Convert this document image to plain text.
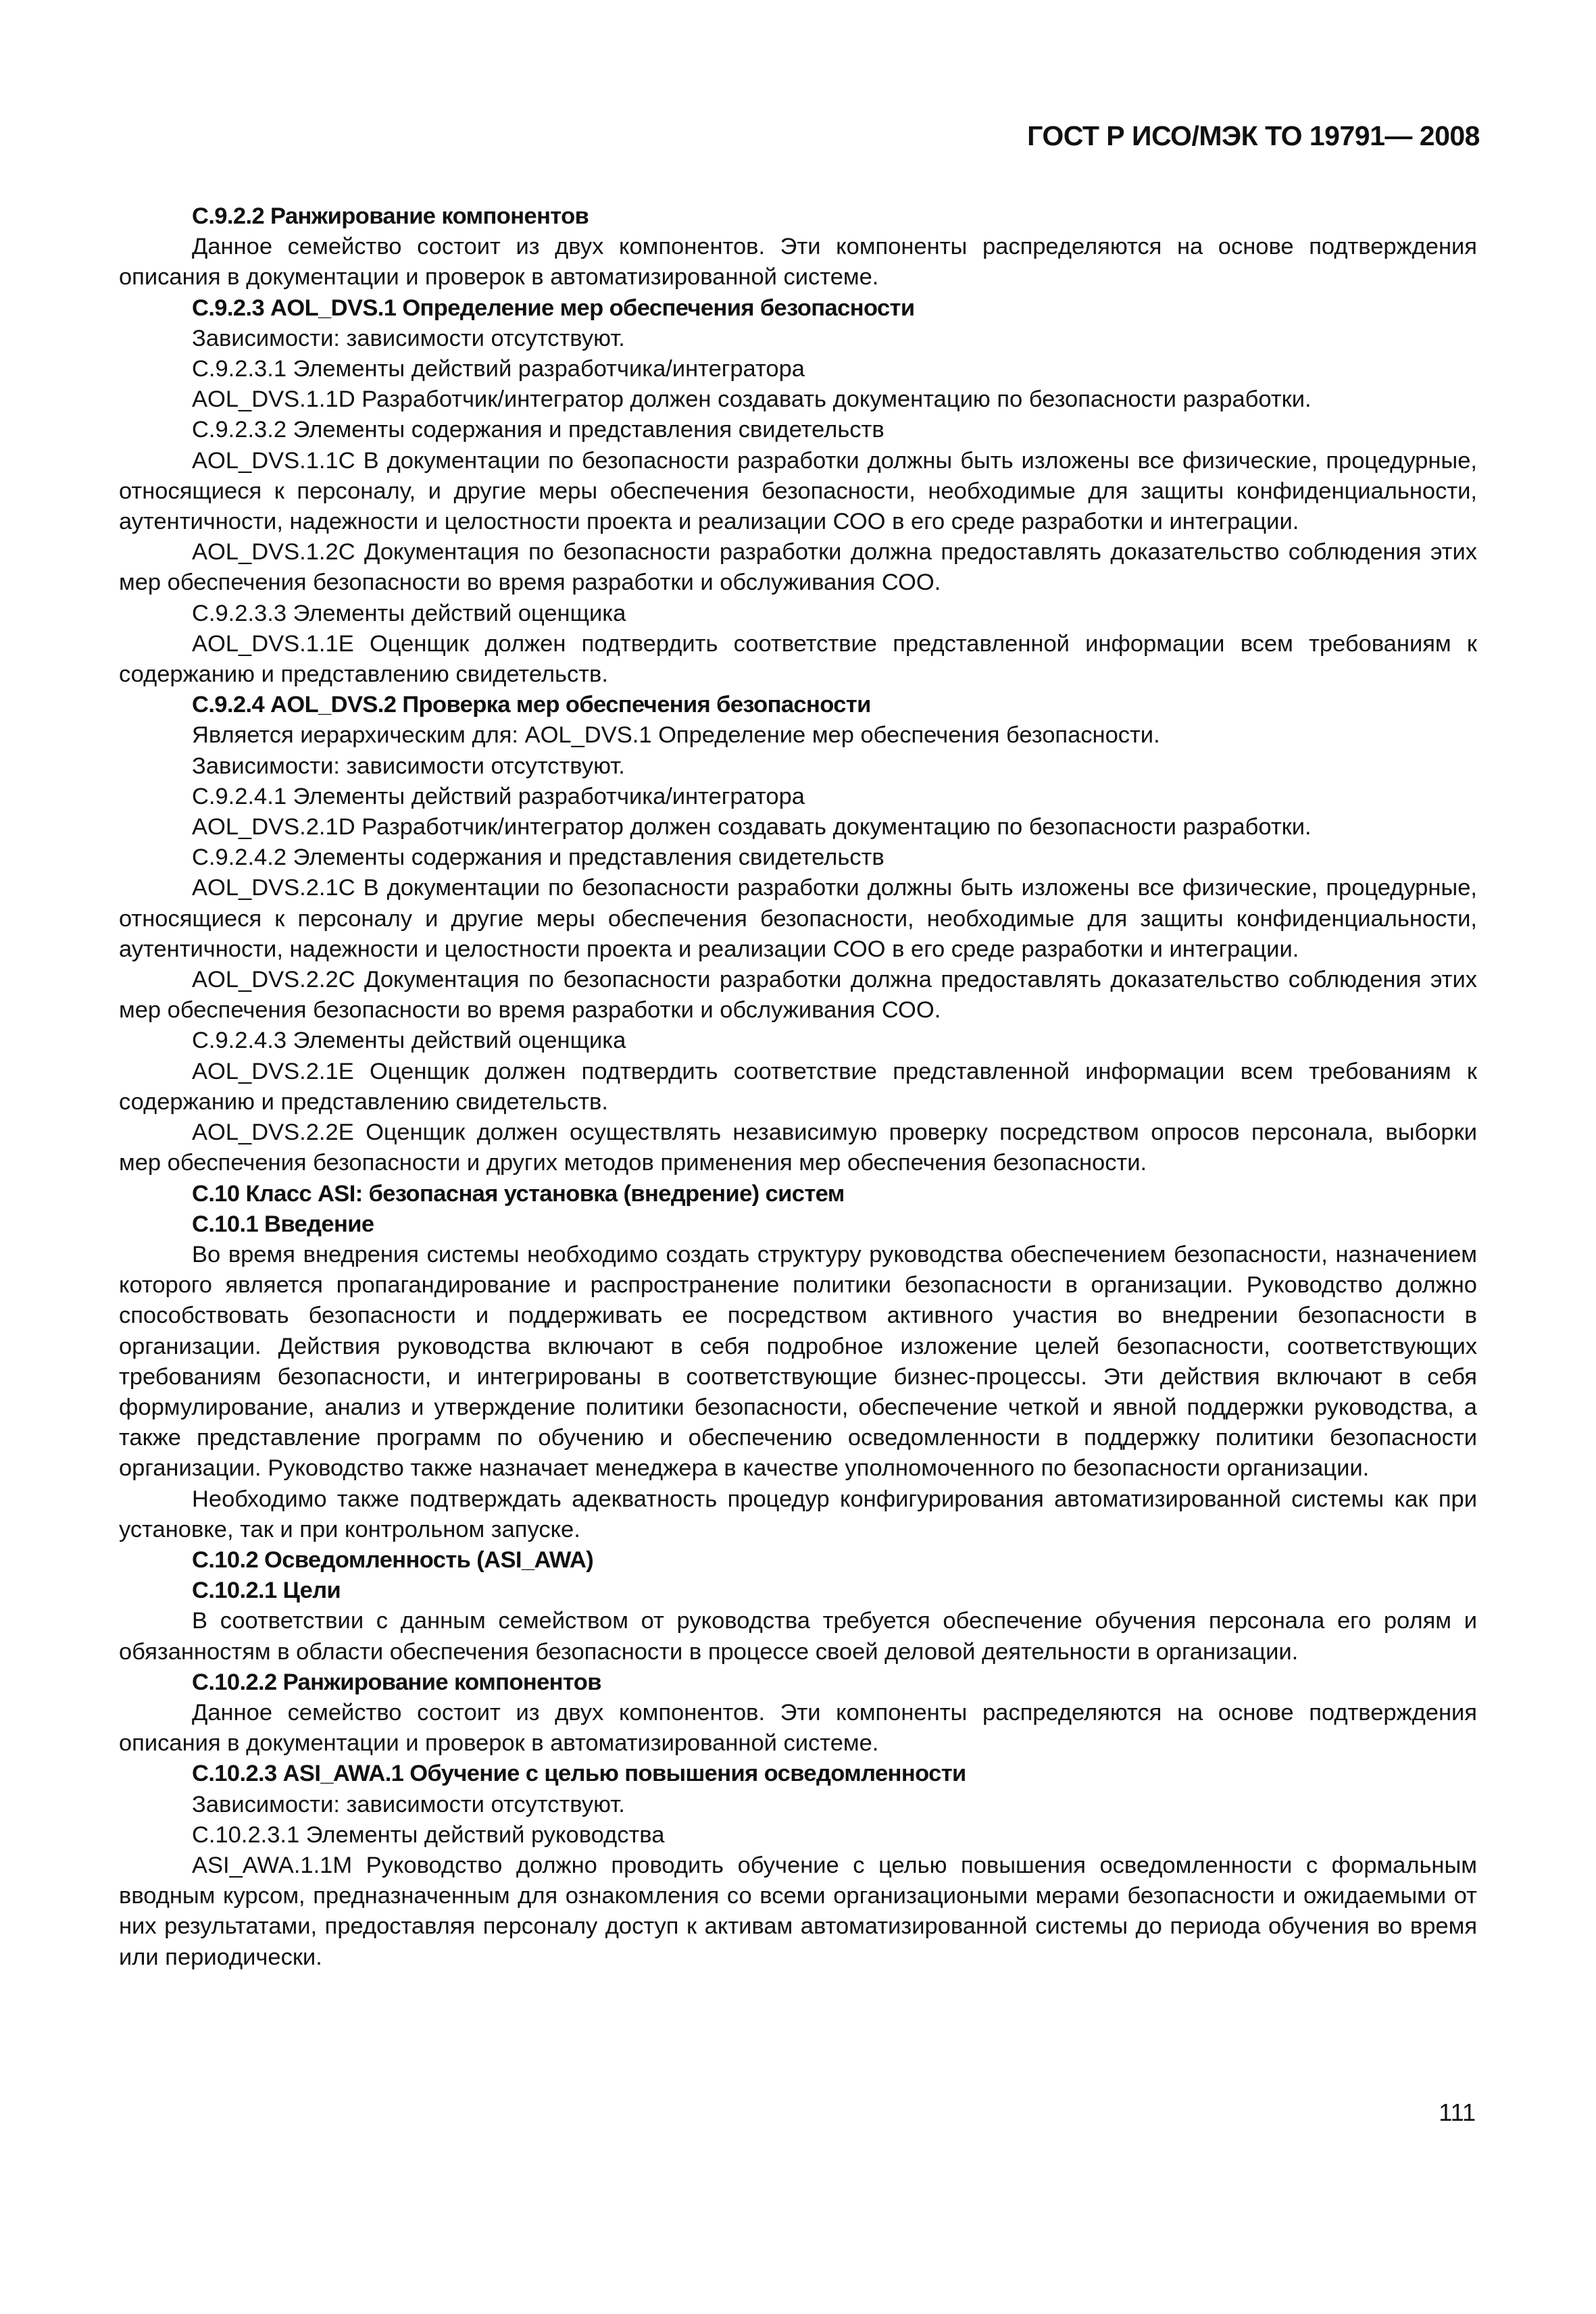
ГОСТ Р ИСО/МЭК ТО 19791— 2008

С.9.2.2 Ранжирование компонентов

Данное семейство состоит из двух компонентов. Эти компоненты распределяются на основе подтверждения описания в документации и проверок в автоматизированной системе.

С.9.2.3 AOL_DVS.1 Определение мер обеспечения безопасности

Зависимости: зависимости отсутствуют.

С.9.2.3.1 Элементы действий разработчика/интегратора

AOL_DVS.1.1D Разработчик/интегратор должен создавать документацию по безопасности разработки.

С.9.2.3.2 Элементы содержания и представления свидетельств

AOL_DVS.1.1C В документации по безопасности разработки должны быть изложены все физические, процедурные, относящиеся к персоналу, и другие меры обеспечения безопасности, необходимые для защиты конфиденциальности, аутентичности, надежности и целостности проекта и реализации СОО в его среде разработки и интеграции.

AOL_DVS.1.2C Документация по безопасности разработки должна предоставлять доказательство соблюдения этих мер обеспечения безопасности во время разработки и обслуживания СОО.

С.9.2.3.3 Элементы действий оценщика

AOL_DVS.1.1E Оценщик должен подтвердить соответствие представленной информации всем требованиям к содержанию и представлению свидетельств.

С.9.2.4 AOL_DVS.2 Проверка мер обеспечения безопасности

Является иерархическим для: AOL_DVS.1 Определение мер обеспечения безопасности.

Зависимости: зависимости отсутствуют.

С.9.2.4.1 Элементы действий разработчика/интегратора

AOL_DVS.2.1D Разработчик/интегратор должен создавать документацию по безопасности разработки.

С.9.2.4.2 Элементы содержания и представления свидетельств

AOL_DVS.2.1C В документации по безопасности разработки должны быть изложены все физические, процедурные, относящиеся к персоналу и другие меры обеспечения безопасности, необходимые для защиты конфиденциальности, аутентичности, надежности и целостности проекта и реализации СОО в его среде разработки и интеграции.

AOL_DVS.2.2C Документация по безопасности разработки должна предоставлять доказательство соблюдения этих мер обеспечения безопасности во время разработки и обслуживания СОО.

С.9.2.4.3 Элементы действий оценщика

AOL_DVS.2.1E Оценщик должен подтвердить соответствие представленной информации всем требованиям к содержанию и представлению свидетельств.

AOL_DVS.2.2E Оценщик должен осуществлять независимую проверку посредством опросов персонала, выборки мер обеспечения безопасности и других методов применения мер обеспечения безопасности.

С.10 Класс ASI: безопасная установка (внедрение) систем

С.10.1 Введение

Во время внедрения системы необходимо создать структуру руководства обеспечением безопасности, назначением которого является пропагандирование и распространение политики безопасности в организации. Руководство должно способствовать безопасности и поддерживать ее посредством активного участия во внедрении безопасности в организации. Действия руководства включают в себя подробное изложение целей безопасности, соответствующих требованиям безопасности, и интегрированы в соответствующие бизнес-процессы. Эти действия включают в себя формулирование, анализ и утверждение политики безопасности, обеспечение четкой и явной поддержки руководства, а также представление программ по обучению и обеспечению осведомленности в поддержку политики безопасности организации. Руководство также назначает менеджера в качестве уполномоченного по безопасности организации.

Необходимо также подтверждать адекватность процедур конфигурирования автоматизированной системы как при установке, так и при контрольном запуске.

С.10.2 Осведомленность (ASI_AWA)

С.10.2.1 Цели

В соответствии с данным семейством от руководства требуется обеспечение обучения персонала его ролям и обязанностям в области обеспечения безопасности в процессе своей деловой деятельности в организации.

С.10.2.2 Ранжирование компонентов

Данное семейство состоит из двух компонентов. Эти компоненты распределяются на основе подтверждения описания в документации и проверок в автоматизированной системе.

С.10.2.3 ASI_AWA.1 Обучение с целью повышения осведомленности

Зависимости: зависимости отсутствуют.

С.10.2.3.1 Элементы действий руководства

ASI_AWA.1.1M Руководство должно проводить обучение с целью повышения осведомленности с формальным вводным курсом, предназначенным для ознакомления со всеми организациоными мерами безопасности и ожидаемыми от них результатами, предоставляя персоналу доступ к активам автоматизированной системы до периода обучения во время или периодически.

111
